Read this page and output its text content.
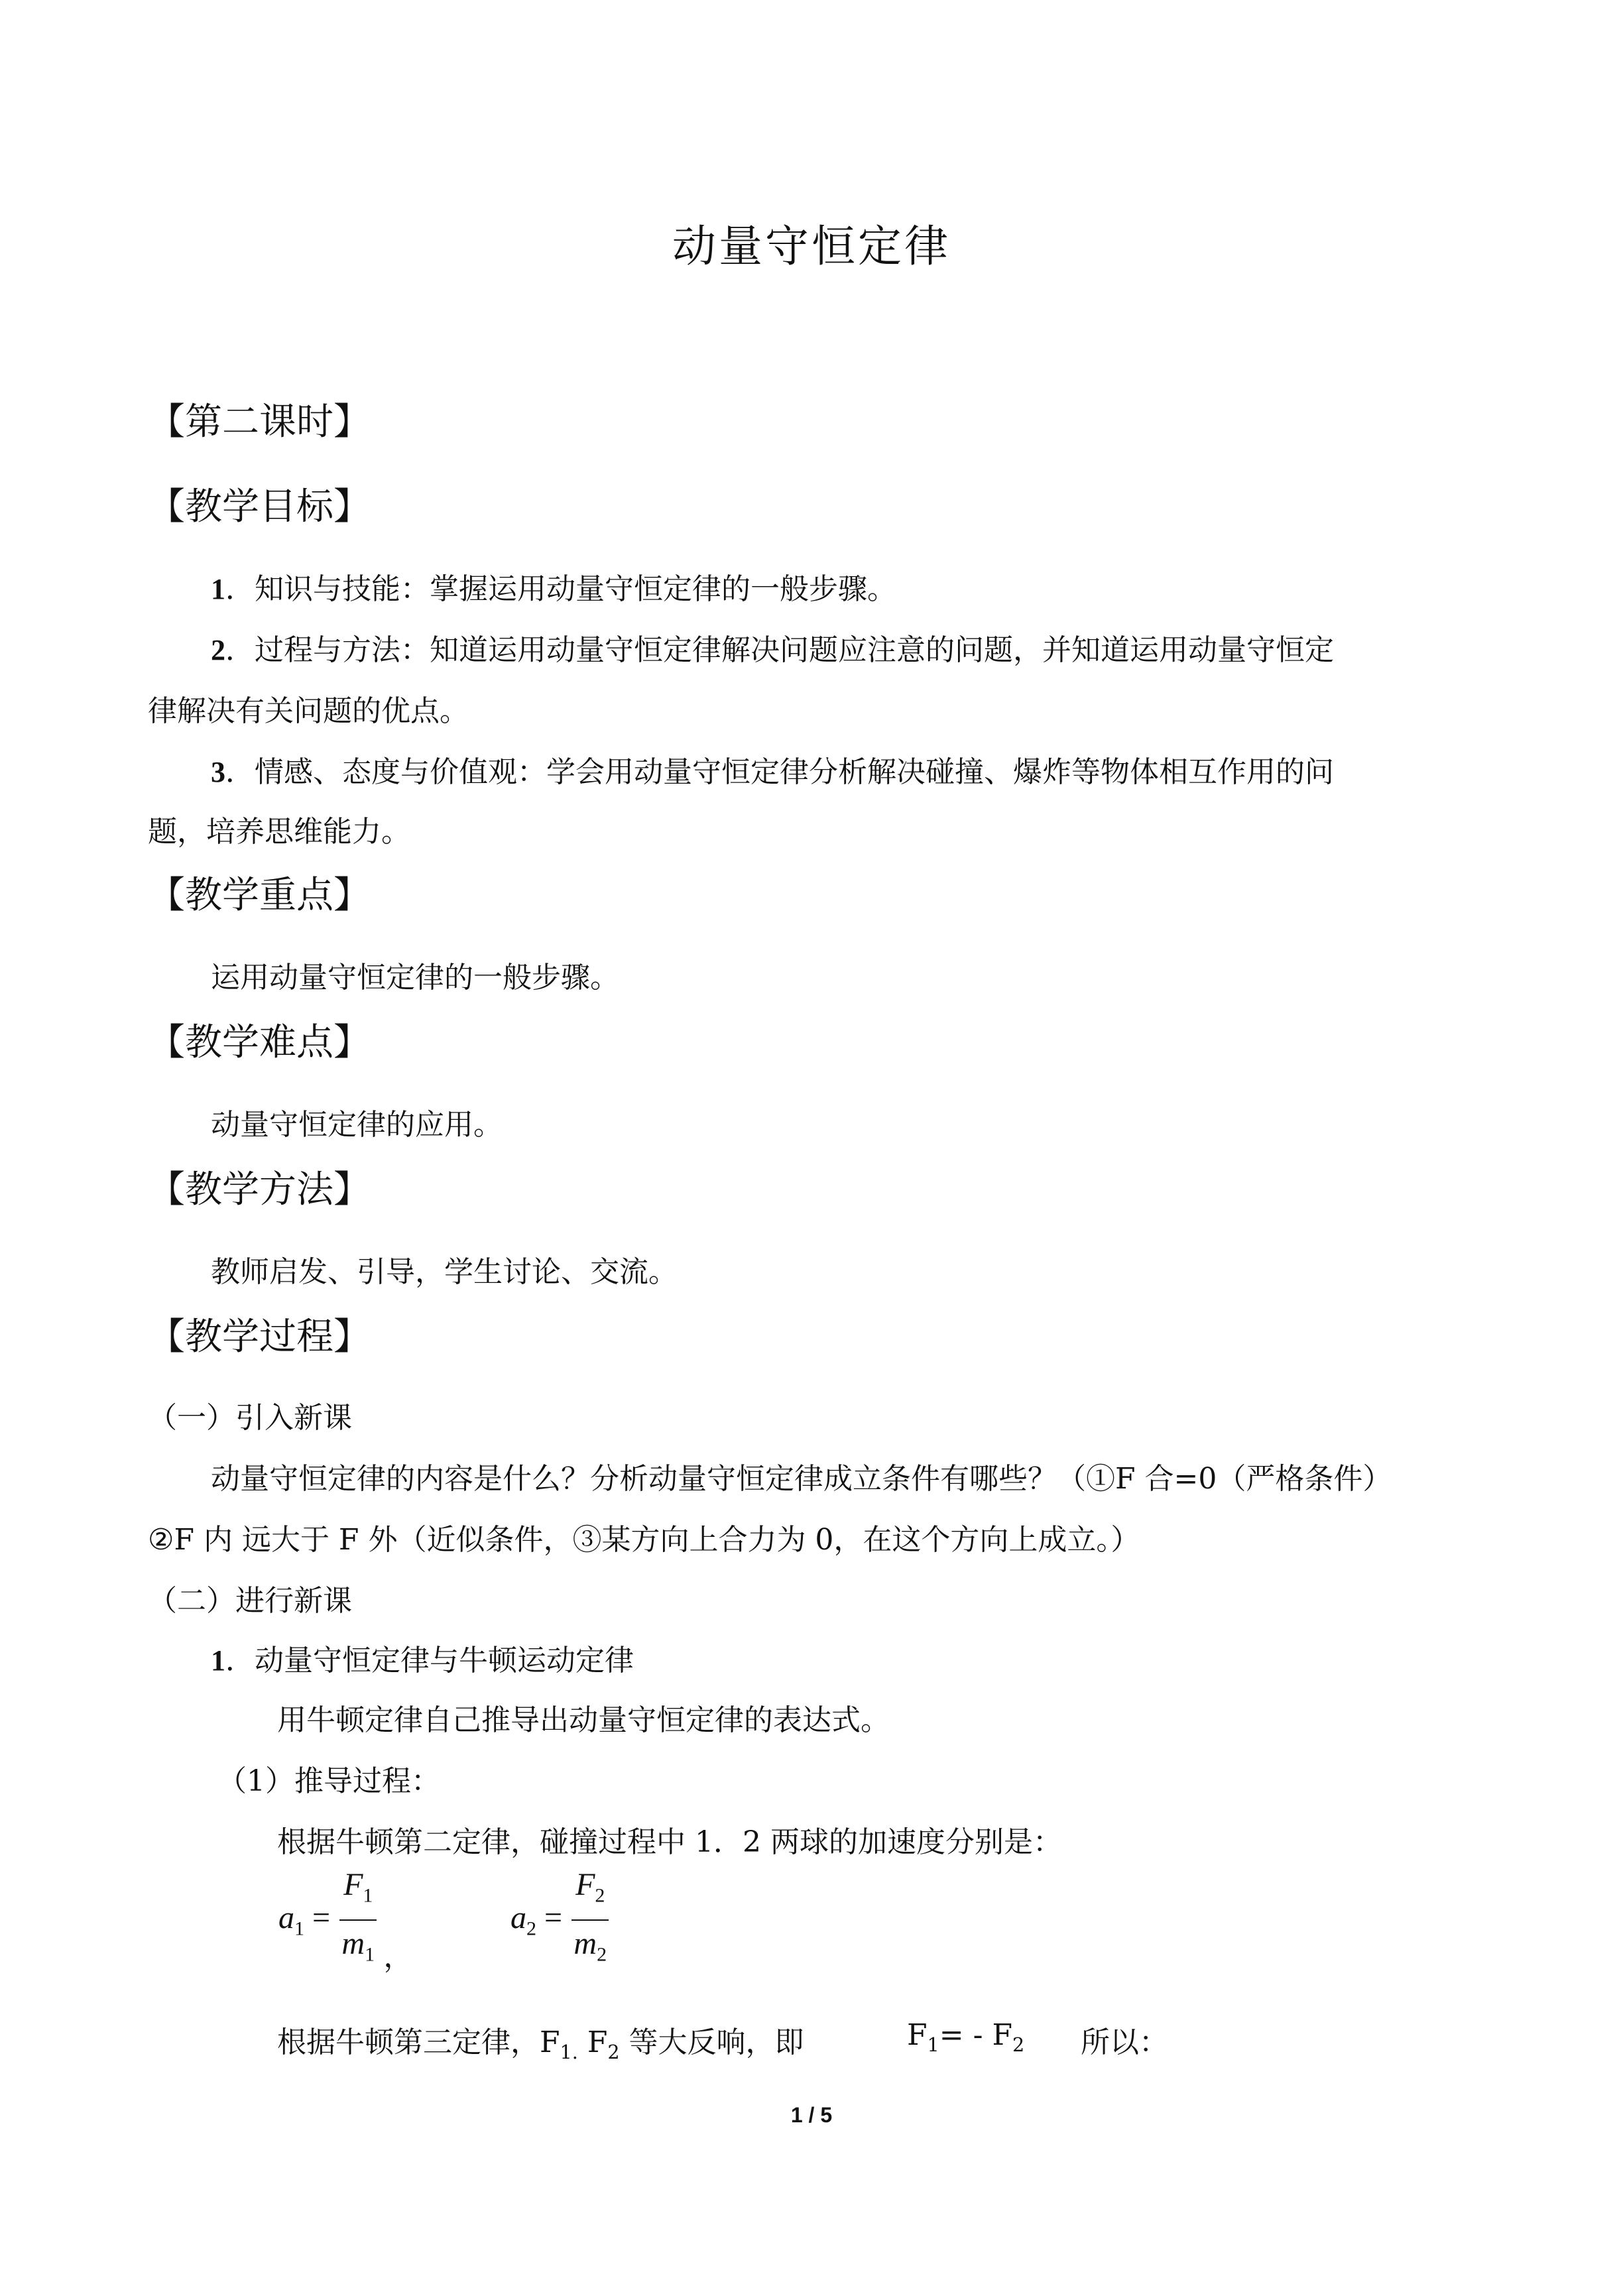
动量守恒定律
【第二课时】
【教学目标】
1．知识与技能：掌握运用动量守恒定律的一般步骤。
2．过程与方法：知道运用动量守恒定律解决问题应注意的问题，并知道运用动量守恒定
律解决有关问题的优点。
3．情感、态度与价值观：学会用动量守恒定律分析解决碰撞、爆炸等物体相互作用的问
题，培养思维能力。
【教学重点】
运用动量守恒定律的一般步骤。
【教学难点】
动量守恒定律的应用。
【教学方法】
教师启发、引导，学生讨论、交流。
【教学过程】
（一）引入新课
动量守恒定律的内容是什么？分析动量守恒定律成立条件有哪些？（①F 合=0（严格条件）
②F 内 远大于 F 外（近似条件，③某方向上合力为 0，在这个方向上成立。）
（二）进行新课
1．动量守恒定律与牛顿运动定律
用牛顿定律自己推导出动量守恒定律的表达式。
（1）推导过程：
根据牛顿第二定律，碰撞过程中 1．2 两球的加速度分别是：
$a_1 = \frac{F_1}{m_1}$ ，
$a_2 = \frac{F_2}{m_2}$
根据牛顿第三定律，$F_{1.}$ $F_2$ 等大反响，即	$F_1= - F_2$ 所以：
1 / 5
